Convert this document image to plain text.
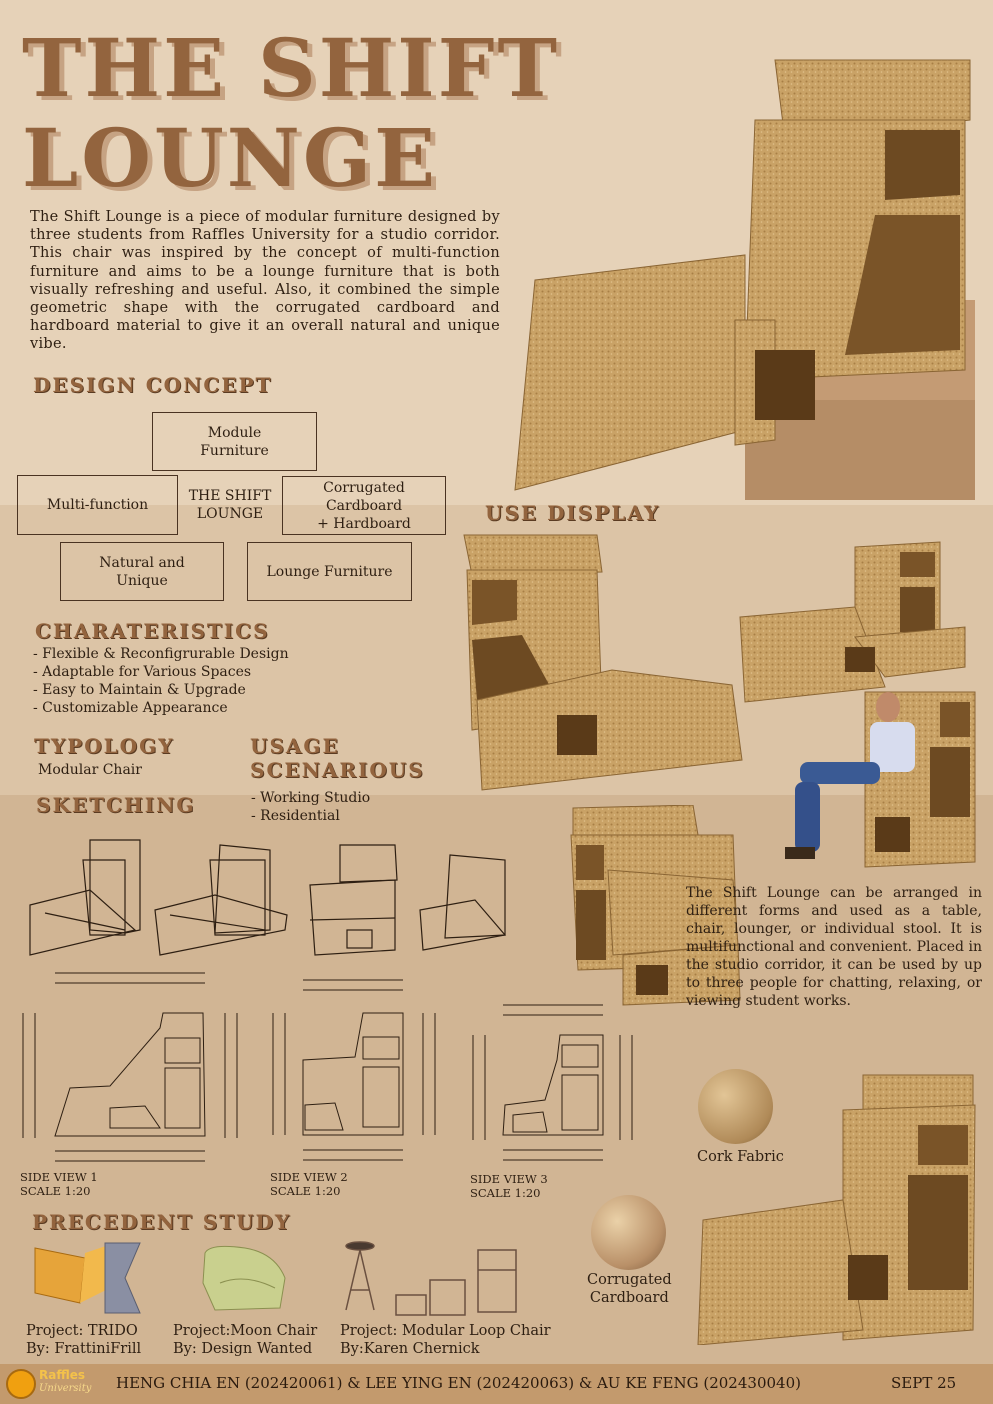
THE SHIFT
LOUNGE
The Shift Lounge is a piece of modular furniture designed by three students from Raffles University for a studio corridor. This chair was inspired by the concept of multi-function furniture and aims to be a lounge furniture that is both visually refreshing and useful. Also, it combined the simple geometric shape with the corrugated cardboard and hardboard material to give it an overall natural and unique vibe.
DESIGN CONCEPT
Module
Furniture
Multi-function
THE SHIFT
LOUNGE
Corrugated Cardboard
+ Hardboard
Natural and
Unique
Lounge Furniture
USE DISPLAY
The Shift Lounge can be arranged in different forms and used as a table, chair, lounger, or individual stool. It is multifunctional and convenient. Placed in the studio corridor, it can be used by up to three people for chatting, relaxing, or viewing student works.
CHARATERISTICS
- Flexible & Reconfigrurable Design
- Adaptable for Various Spaces
- Easy to Maintain & Upgrade
- Customizable Appearance
TYPOLOGY
Modular Chair
USAGE
SCENARIOUS
- Working Studio
- Residential
SKETCHING
SIDE VIEW 1
SCALE 1:20
SIDE VIEW 2
SCALE 1:20
SIDE VIEW 3
SCALE 1:20
Cork Fabric
Corrugated
Cardboard
PRECEDENT STUDY
Project: TRIDO
By: FrattiniFrill
Project:Moon Chair
By: Design Wanted
Project: Modular Loop Chair
By:Karen Chernick
Raffles
University HENG CHIA EN (202420061) & LEE YING EN (202420063) & AU KE FENG (202430040)	SEPT 25
